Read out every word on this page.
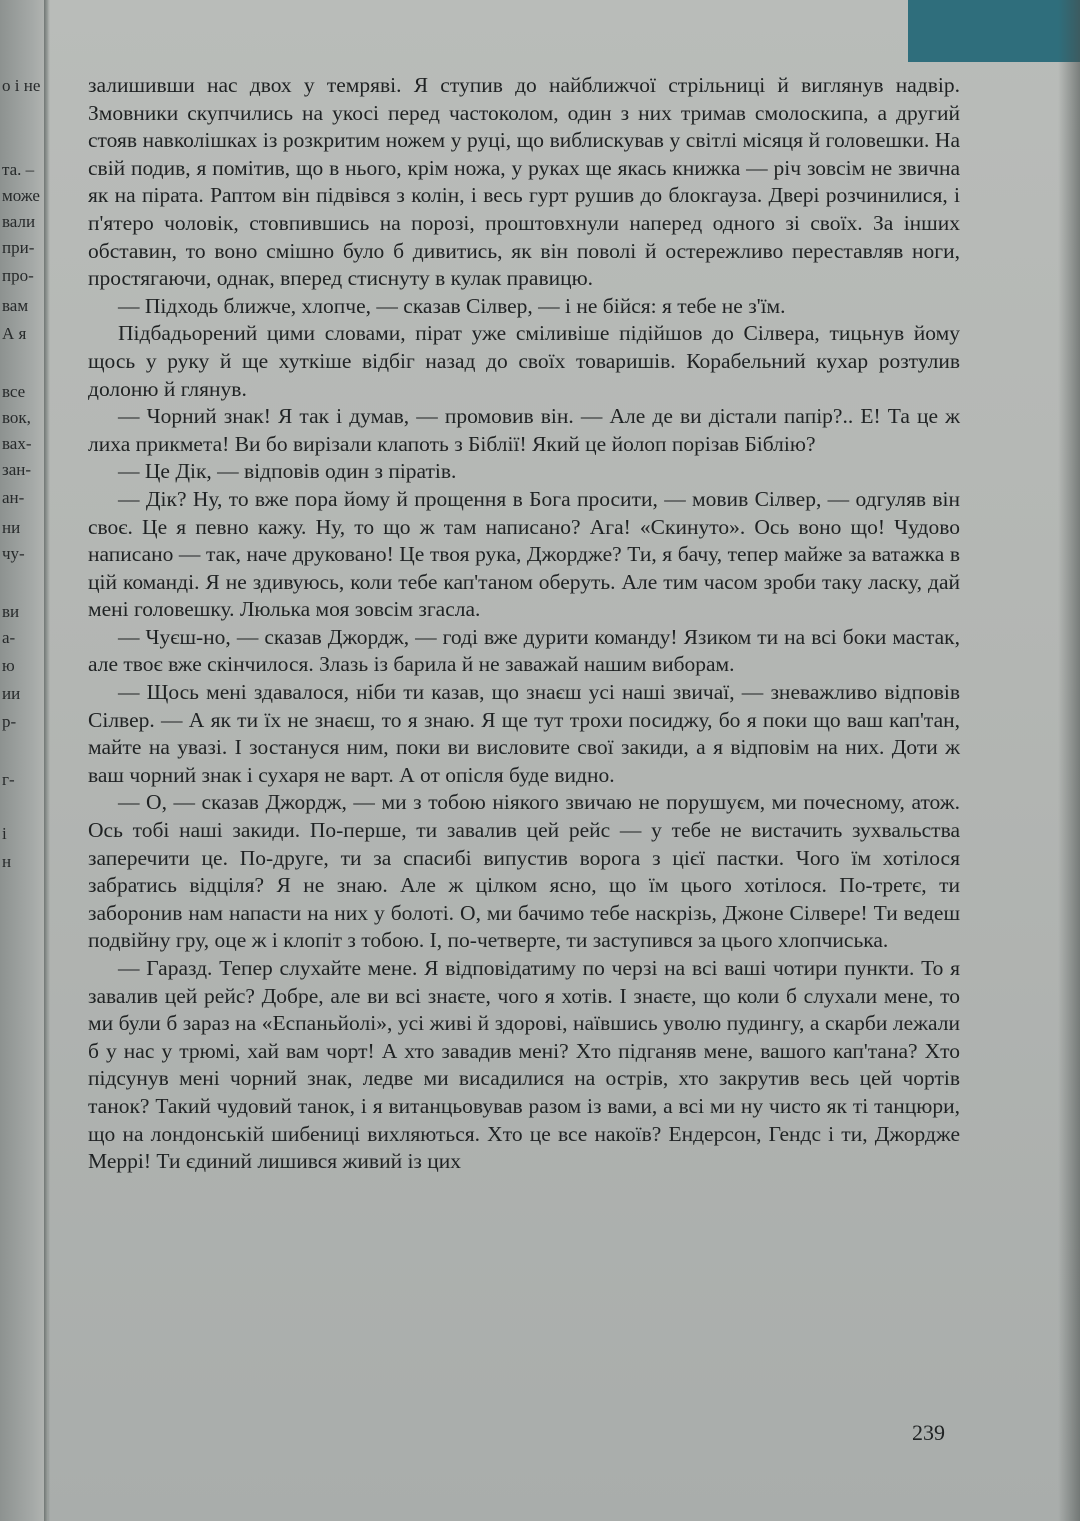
о і не
та. –
може
вали
при-
про-
вам
А я
все
вок,
вах-
зан-
ан-
ни
чу-
ви
а-
ю
ии
р-
г-
і
н

залишивши нас двох у темряві. Я ступив до найближчої стрільниці й виглянув надвір. Змовники скупчились на укосі перед частоколом, один з них тримав смолоскипа, а другий стояв навколішках із розкритим ножем у руці, що виблискував у світлі місяця й головешки. На свій подив, я помітив, що в нього, крім ножа, у руках ще якась книжка — річ зовсім не звична як на пірата. Раптом він підвівся з колін, і весь гурт рушив до блокгауза. Двері розчинилися, і п'ятеро чоловік, стовпившись на порозі, проштовхнули наперед одного зі своїх. За інших обставин, то воно смішно було б дивитись, як він поволі й остережливо переставляв ноги, простягаючи, однак, вперед стиснуту в кулак правицю.

— Підходь ближче, хлопче, — сказав Сілвер, — і не бійся: я тебе не з'їм.

Підбадьорений цими словами, пірат уже сміливіше підійшов до Сілвера, тицьнув йому щось у руку й ще хуткіше відбіг назад до своїх товаришів. Корабельний кухар розтулив долоню й глянув.

— Чорний знак! Я так і думав, — промовив він. — Але де ви дістали папір?.. Е! Та це ж лиха прикмета! Ви бо вирізали клапоть з Біблії! Який це йолоп порізав Біблію?

— Це Дік, — відповів один з піратів.

— Дік? Ну, то вже пора йому й прощення в Бога просити, — мовив Сілвер, — одгуляв він своє. Це я певно кажу. Ну, то що ж там написано? Ага! «Скинуто». Ось воно що! Чудово написано — так, наче друковано! Це твоя рука, Джордже? Ти, я бачу, тепер майже за ватажка в цій команді. Я не здивуюсь, коли тебе кап'таном оберуть. Але тим часом зроби таку ласку, дай мені головешку. Люлька моя зовсім згасла.

— Чуєш-но, — сказав Джордж, — годі вже дурити команду! Язиком ти на всі боки мастак, але твоє вже скінчилося. Злазь із барила й не заважай нашим виборам.

— Щось мені здавалося, ніби ти казав, що знаєш усі наші звичаї, — зневажливо відповів Сілвер. — А як ти їх не знаєш, то я знаю. Я ще тут трохи посиджу, бо я поки що ваш кап'тан, майте на увазі. І зостануся ним, поки ви висловите свої закиди, а я відповім на них. Доти ж ваш чорний знак і сухаря не варт. А от опісля буде видно.

— О, — сказав Джордж, — ми з тобою ніякого звичаю не порушуєм, ми почесному, атож. Ось тобі наші закиди. По-перше, ти завалив цей рейс — у тебе не вистачить зухвальства заперечити це. По-друге, ти за спасибі випустив ворога з цієї пастки. Чого їм хотілося забратись відціля? Я не знаю. Але ж цілком ясно, що їм цього хотілося. По-третє, ти заборонив нам напасти на них у болоті. О, ми бачимо тебе наскрізь, Джоне Сілвере! Ти ведеш подвійну гру, оце ж і клопіт з тобою. І, по-четверте, ти заступився за цього хлопчиська.

— Гаразд. Тепер слухайте мене. Я відповідатиму по черзі на всі ваші чотири пункти. То я завалив цей рейс? Добре, але ви всі знаєте, чого я хотів. І знаєте, що коли б слухали мене, то ми були б зараз на «Еспаньйолі», усі живі й здорові, наївшись уволю пудингу, а скарби лежали б у нас у трюмі, хай вам чорт! А хто завадив мені? Хто підганяв мене, вашого кап'тана? Хто підсунув мені чорний знак, ледве ми висадилися на острів, хто закрутив весь цей чортів танок? Такий чудовий танок, і я витанцьовував разом із вами, а всі ми ну чисто як ті танцюри, що на лондонській шибениці вихляються. Хто це все накоїв? Ендерсон, Гендс і ти, Джордже Меррі! Ти єдиний лишився живий із цих

239
